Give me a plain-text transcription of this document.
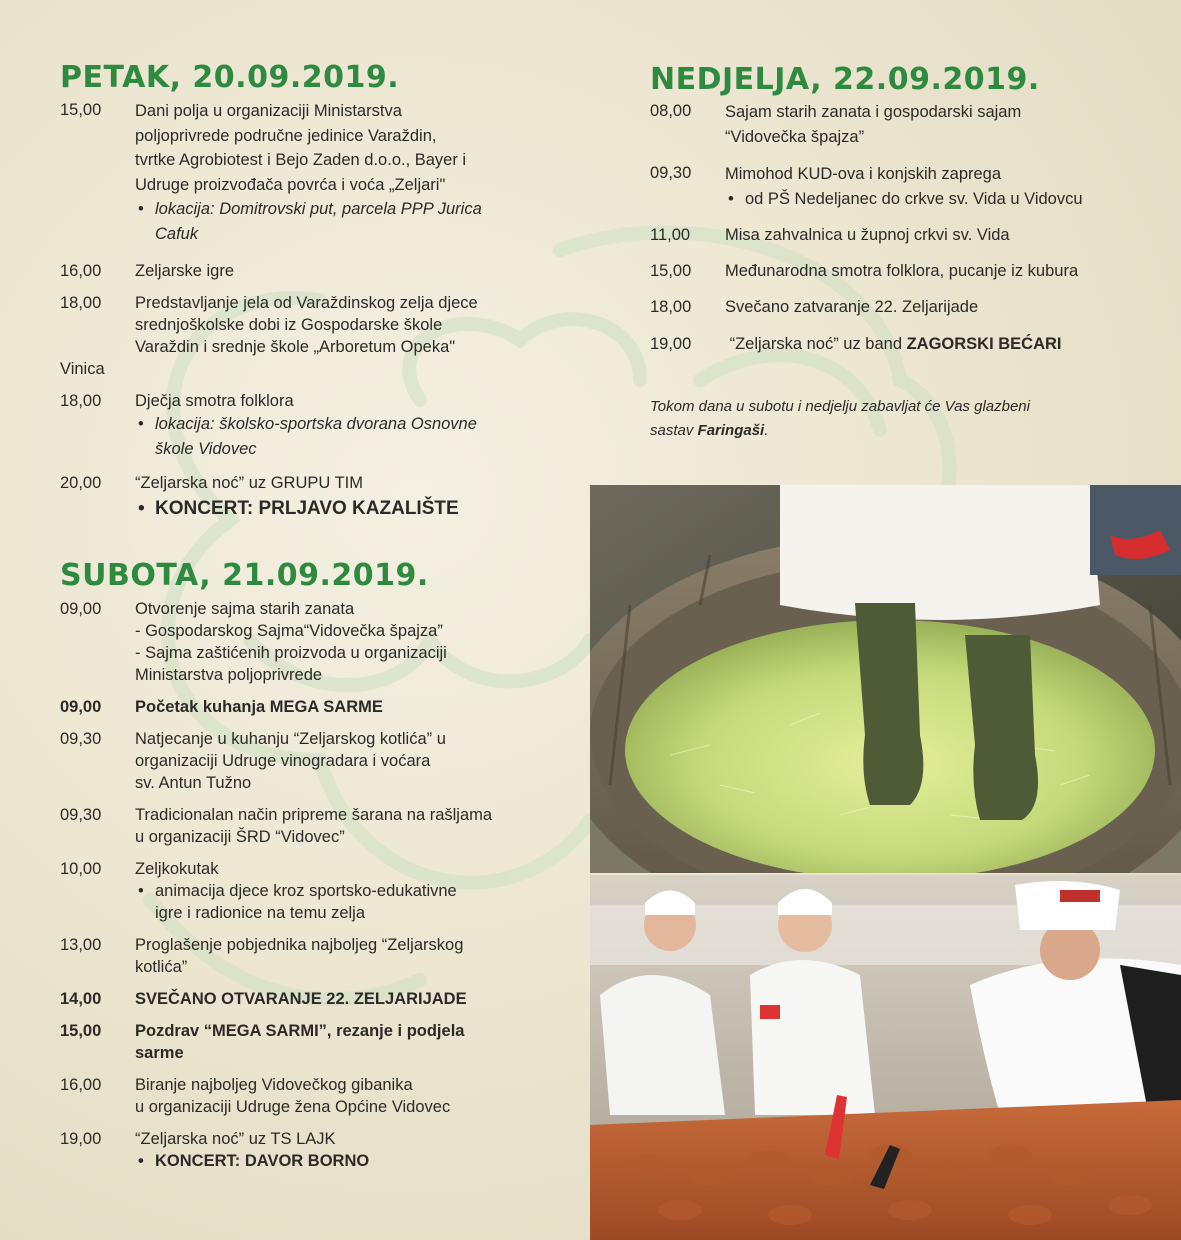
PETAK, 20.09.2019.
15,00 Dani polja u organizaciji Ministarstva
poljoprivrede područne jedinice Varaždin,
tvrtke Agrobiotest i Bejo Zaden d.o.o., Bayer i
Udruge proizvođača povrća i voća „Zeljari"
• lokacija: Domitrovski put, parcela PPP Jurica
Cafuk
16,00 Zeljarske igre
18,00 Predstavljanje jela od Varaždinskog zelja djece
srednjoškolske dobi iz Gospodarske škole
Varaždin i srednje škole „Arboretum Opeka"
Vinica
18,00 Dječja smotra folklora
• lokacija: školsko-sportska dvorana Osnovne
škole Vidovec
20,00 “Zeljarska noć” uz GRUPU TIM
• KONCERT: PRLJAVO KAZALIŠTE
SUBOTA, 21.09.2019.
09,00 Otvorenje sajma starih zanata
- Gospodarskog Sajma“Vidovečka špajza”
- Sajma zaštićenih proizvoda u organizaciji
Ministarstva poljoprivrede
09,00 Početak kuhanja MEGA SARME
09,30 Natjecanje u kuhanju “Zeljarskog kotlića” u
organizaciji Udruge vinogradara i voćara
sv. Antun Tužno
09,30 Tradicionalan način pripreme šarana na rašljama
u organizaciji ŠRD “Vidovec”
10,00 Zeljkokutak
• animacija djece kroz sportsko-edukativne
igre i radionice na temu zelja
13,00 Proglašenje pobjednika najboljeg “Zeljarskog
kotlića”
14,00 SVEČANO OTVARANJE 22. ZELJARIJADE
15,00 Pozdrav “MEGA SARMI”, rezanje i podjela
sarme
16,00 Biranje najboljeg Vidovečkog gibanika
u organizaciji Udruge žena Općine Vidovec
19,00 “Zeljarska noć” uz TS LAJK
• KONCERT: DAVOR BORNO
NEDJELJA, 22.09.2019.
08,00 Sajam starih zanata i gospodarski sajam
“Vidovečka špajza”
09,30 Mimohod KUD-ova i konjskih zaprega
• od PŠ Nedeljanec do crkve sv. Vida u Vidovcu
11,00 Misa zahvalnica u župnoj crkvi sv. Vida
15,00 Međunarodna smotra folklora, pucanje iz kubura
18,00 Svečano zatvaranje 22. Zeljarijade
19,00 “Zeljarska noć” uz band ZAGORSKI BEĆARI
Tokom dana u subotu i nedjelju zabavljat će Vas glazbeni
sastav Faringaši.
